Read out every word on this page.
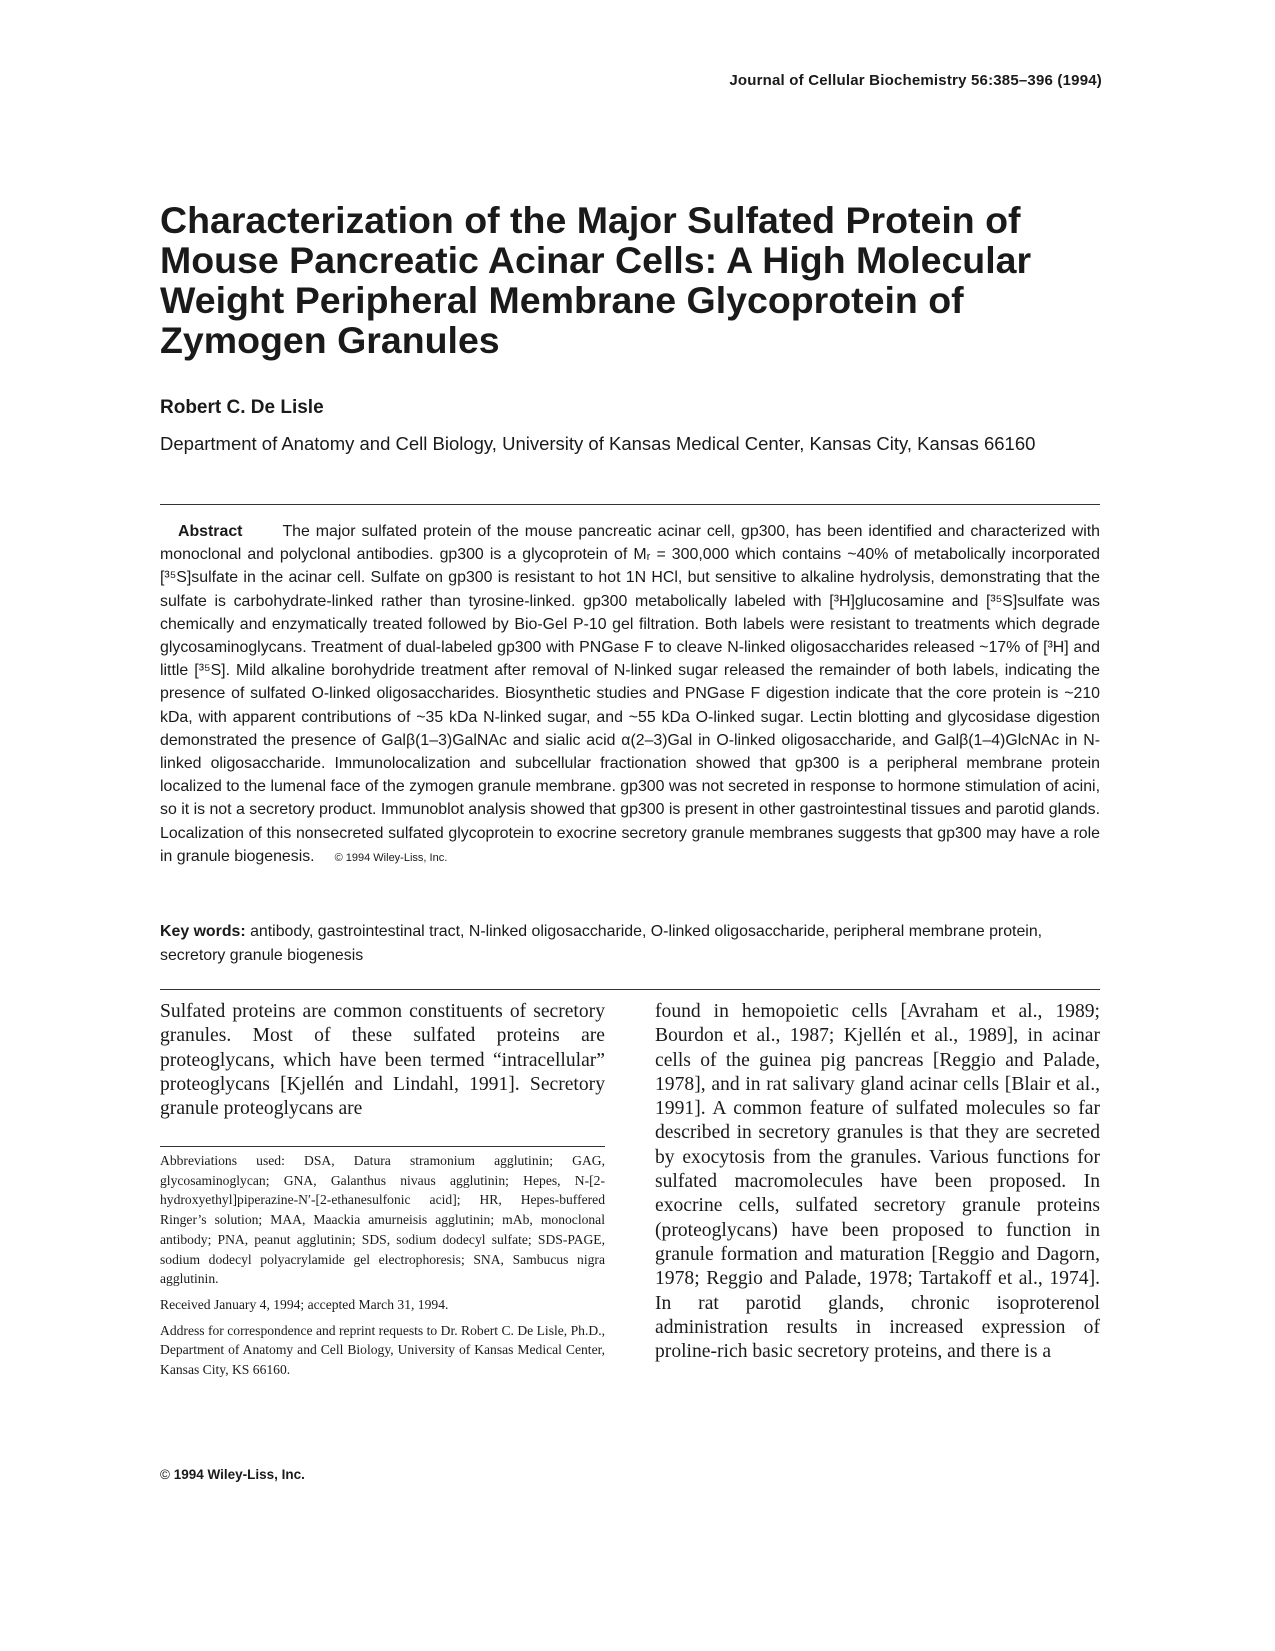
Journal of Cellular Biochemistry 56:385–396 (1994)
Characterization of the Major Sulfated Protein of Mouse Pancreatic Acinar Cells: A High Molecular Weight Peripheral Membrane Glycoprotein of Zymogen Granules
Robert C. De Lisle
Department of Anatomy and Cell Biology, University of Kansas Medical Center, Kansas City, Kansas 66160

Abstract	The major sulfated protein of the mouse pancreatic acinar cell, gp300, has been identified and characterized with monoclonal and polyclonal antibodies. gp300 is a glycoprotein of Mᵣ = 300,000 which contains ~40% of metabolically incorporated [³⁵S]sulfate in the acinar cell. Sulfate on gp300 is resistant to hot 1N HCl, but sensitive to alkaline hydrolysis, demonstrating that the sulfate is carbohydrate-linked rather than tyrosine-linked. gp300 metabolically labeled with [³H]glucosamine and [³⁵S]sulfate was chemically and enzymatically treated followed by Bio-Gel P-10 gel filtration. Both labels were resistant to treatments which degrade glycosaminoglycans. Treatment of dual-labeled gp300 with PNGase F to cleave N-linked oligosaccharides released ~17% of [³H] and little [³⁵S]. Mild alkaline borohydride treatment after removal of N-linked sugar released the remainder of both labels, indicating the presence of sulfated O-linked oligosaccharides. Biosynthetic studies and PNGase F digestion indicate that the core protein is ~210 kDa, with apparent contributions of ~35 kDa N-linked sugar, and ~55 kDa O-linked sugar. Lectin blotting and glycosidase digestion demonstrated the presence of Galβ(1–3)GalNAc and sialic acid α(2–3)Gal in O-linked oligosaccharide, and Galβ(1–4)GlcNAc in N-linked oligosaccharide. Immunolocalization and subcellular fractionation showed that gp300 is a peripheral membrane protein localized to the lumenal face of the zymogen granule membrane. gp300 was not secreted in response to hormone stimulation of acini, so it is not a secretory product. Immunoblot analysis showed that gp300 is present in other gastrointestinal tissues and parotid glands. Localization of this nonsecreted sulfated glycoprotein to exocrine secretory granule membranes suggests that gp300 may have a role in granule biogenesis. © 1994 Wiley-Liss, Inc.

Key words: antibody, gastrointestinal tract, N-linked oligosaccharide, O-linked oligosaccharide, peripheral membrane protein, secretory granule biogenesis

Sulfated proteins are common constituents of secretory granules. Most of these sulfated proteins are proteoglycans, which have been termed “intracellular” proteoglycans [Kjellén and Lindahl, 1991]. Secretory granule proteoglycans are

Abbreviations used: DSA, Datura stramonium agglutinin; GAG, glycosaminoglycan; GNA, Galanthus nivaus agglutinin; Hepes, N-[2-hydroxyethyl]piperazine-N′-[2-ethanesulfonic acid]; HR, Hepes-buffered Ringer’s solution; MAA, Maackia amurneisis agglutinin; mAb, monoclonal antibody; PNA, peanut agglutinin; SDS, sodium dodecyl sulfate; SDS-PAGE, sodium dodecyl polyacrylamide gel electrophoresis; SNA, Sambucus nigra agglutinin.

Received January 4, 1994; accepted March 31, 1994.

Address for correspondence and reprint requests to Dr. Robert C. De Lisle, Ph.D., Department of Anatomy and Cell Biology, University of Kansas Medical Center, Kansas City, KS 66160.

found in hemopoietic cells [Avraham et al., 1989; Bourdon et al., 1987; Kjellén et al., 1989], in acinar cells of the guinea pig pancreas [Reggio and Palade, 1978], and in rat salivary gland acinar cells [Blair et al., 1991]. A common feature of sulfated molecules so far described in secretory granules is that they are secreted by exocytosis from the granules. Various functions for sulfated macromolecules have been proposed. In exocrine cells, sulfated secretory granule proteins (proteoglycans) have been proposed to function in granule formation and maturation [Reggio and Dagorn, 1978; Reggio and Palade, 1978; Tartakoff et al., 1974]. In rat parotid glands, chronic isoproterenol administration results in increased expression of proline-rich basic secretory proteins, and there is a

© 1994 Wiley-Liss, Inc.
